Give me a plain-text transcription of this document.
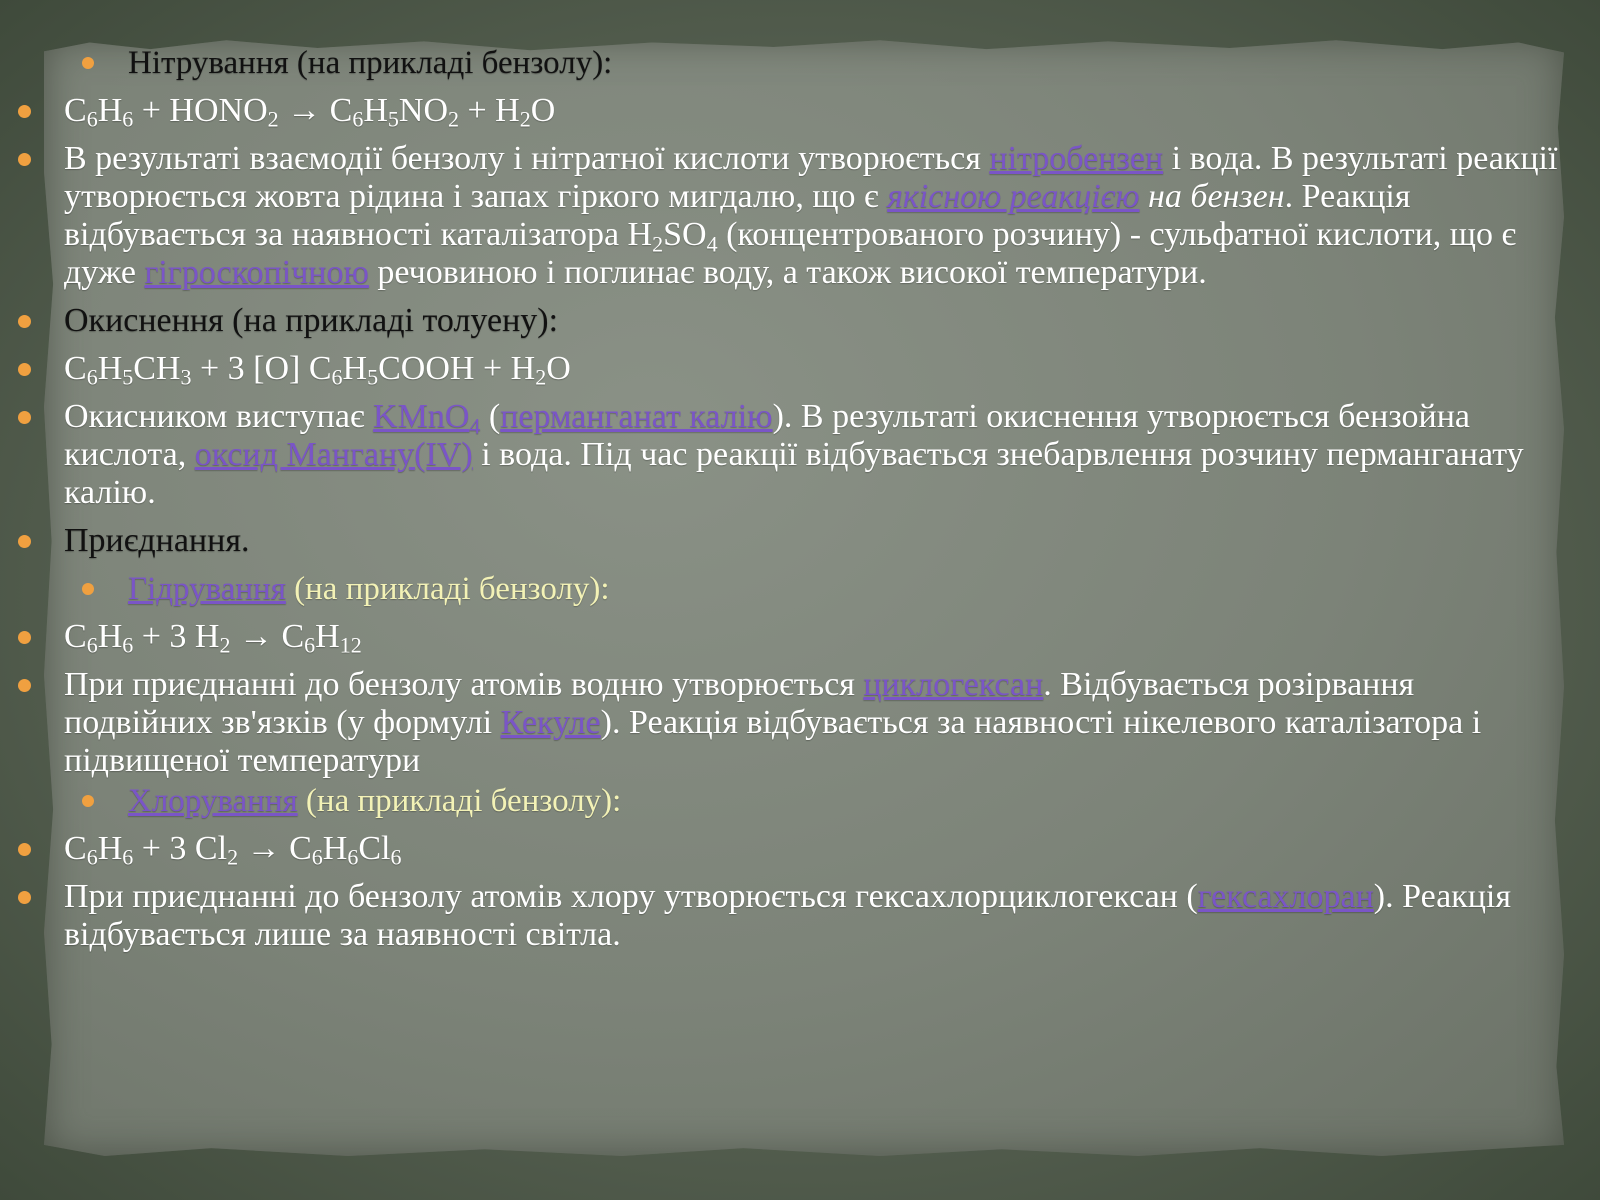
Нітрування (на прикладі бензолу):
$C_6H_6$ + $HONO_2 \to C_6H_5NO_2 + H_2O$
В результаті взаємодії бензолу і нітратної кислоти утворюється нітробензен і вода. В результаті реакції утворюється жовта рідина і запах гіркого мигдалю, що є якісною реакцією на бензен. Реакція відбувається за наявності каталізатора $H_2SO_4$ (концентрованого розчину) - сульфатної кислоти, що є дуже гігроскопічною речовиною і поглинає воду, а також високої температури.
Окиснення (на прикладі толуену):
$C_6H_5CH_3 + 3$ [O] $C_6H_5COOH + H_2O$
Окисником виступає KMnO$_4$ (перманганат калію). В результаті окиснення утворюється бензойна кислота, оксид Мангану(IV) і вода. Під час реакції відбувається знебарвлення розчину перманганату калію.
Приєднання.
Гідрування (на прикладі бензолу):
$C_6H_6 + 3$ $H_2 \to C_6H_{12}$
При приєднанні до бензолу атомів водню утворюється циклогексан. Відбувається розірвання подвійних зв'язків (у формулі Кекуле). Реакція відбувається за наявності нікелевого каталізатора і підвищеної температури
Хлорування (на прикладі бензолу):
$C_6H_6 + 3$ $Cl_2 \to C_6H_6Cl_6$
При приєднанні до бензолу атомів хлору утворюється гексахлорциклогексан (гексахлоран). Реакція відбувається лише за наявності світла.
